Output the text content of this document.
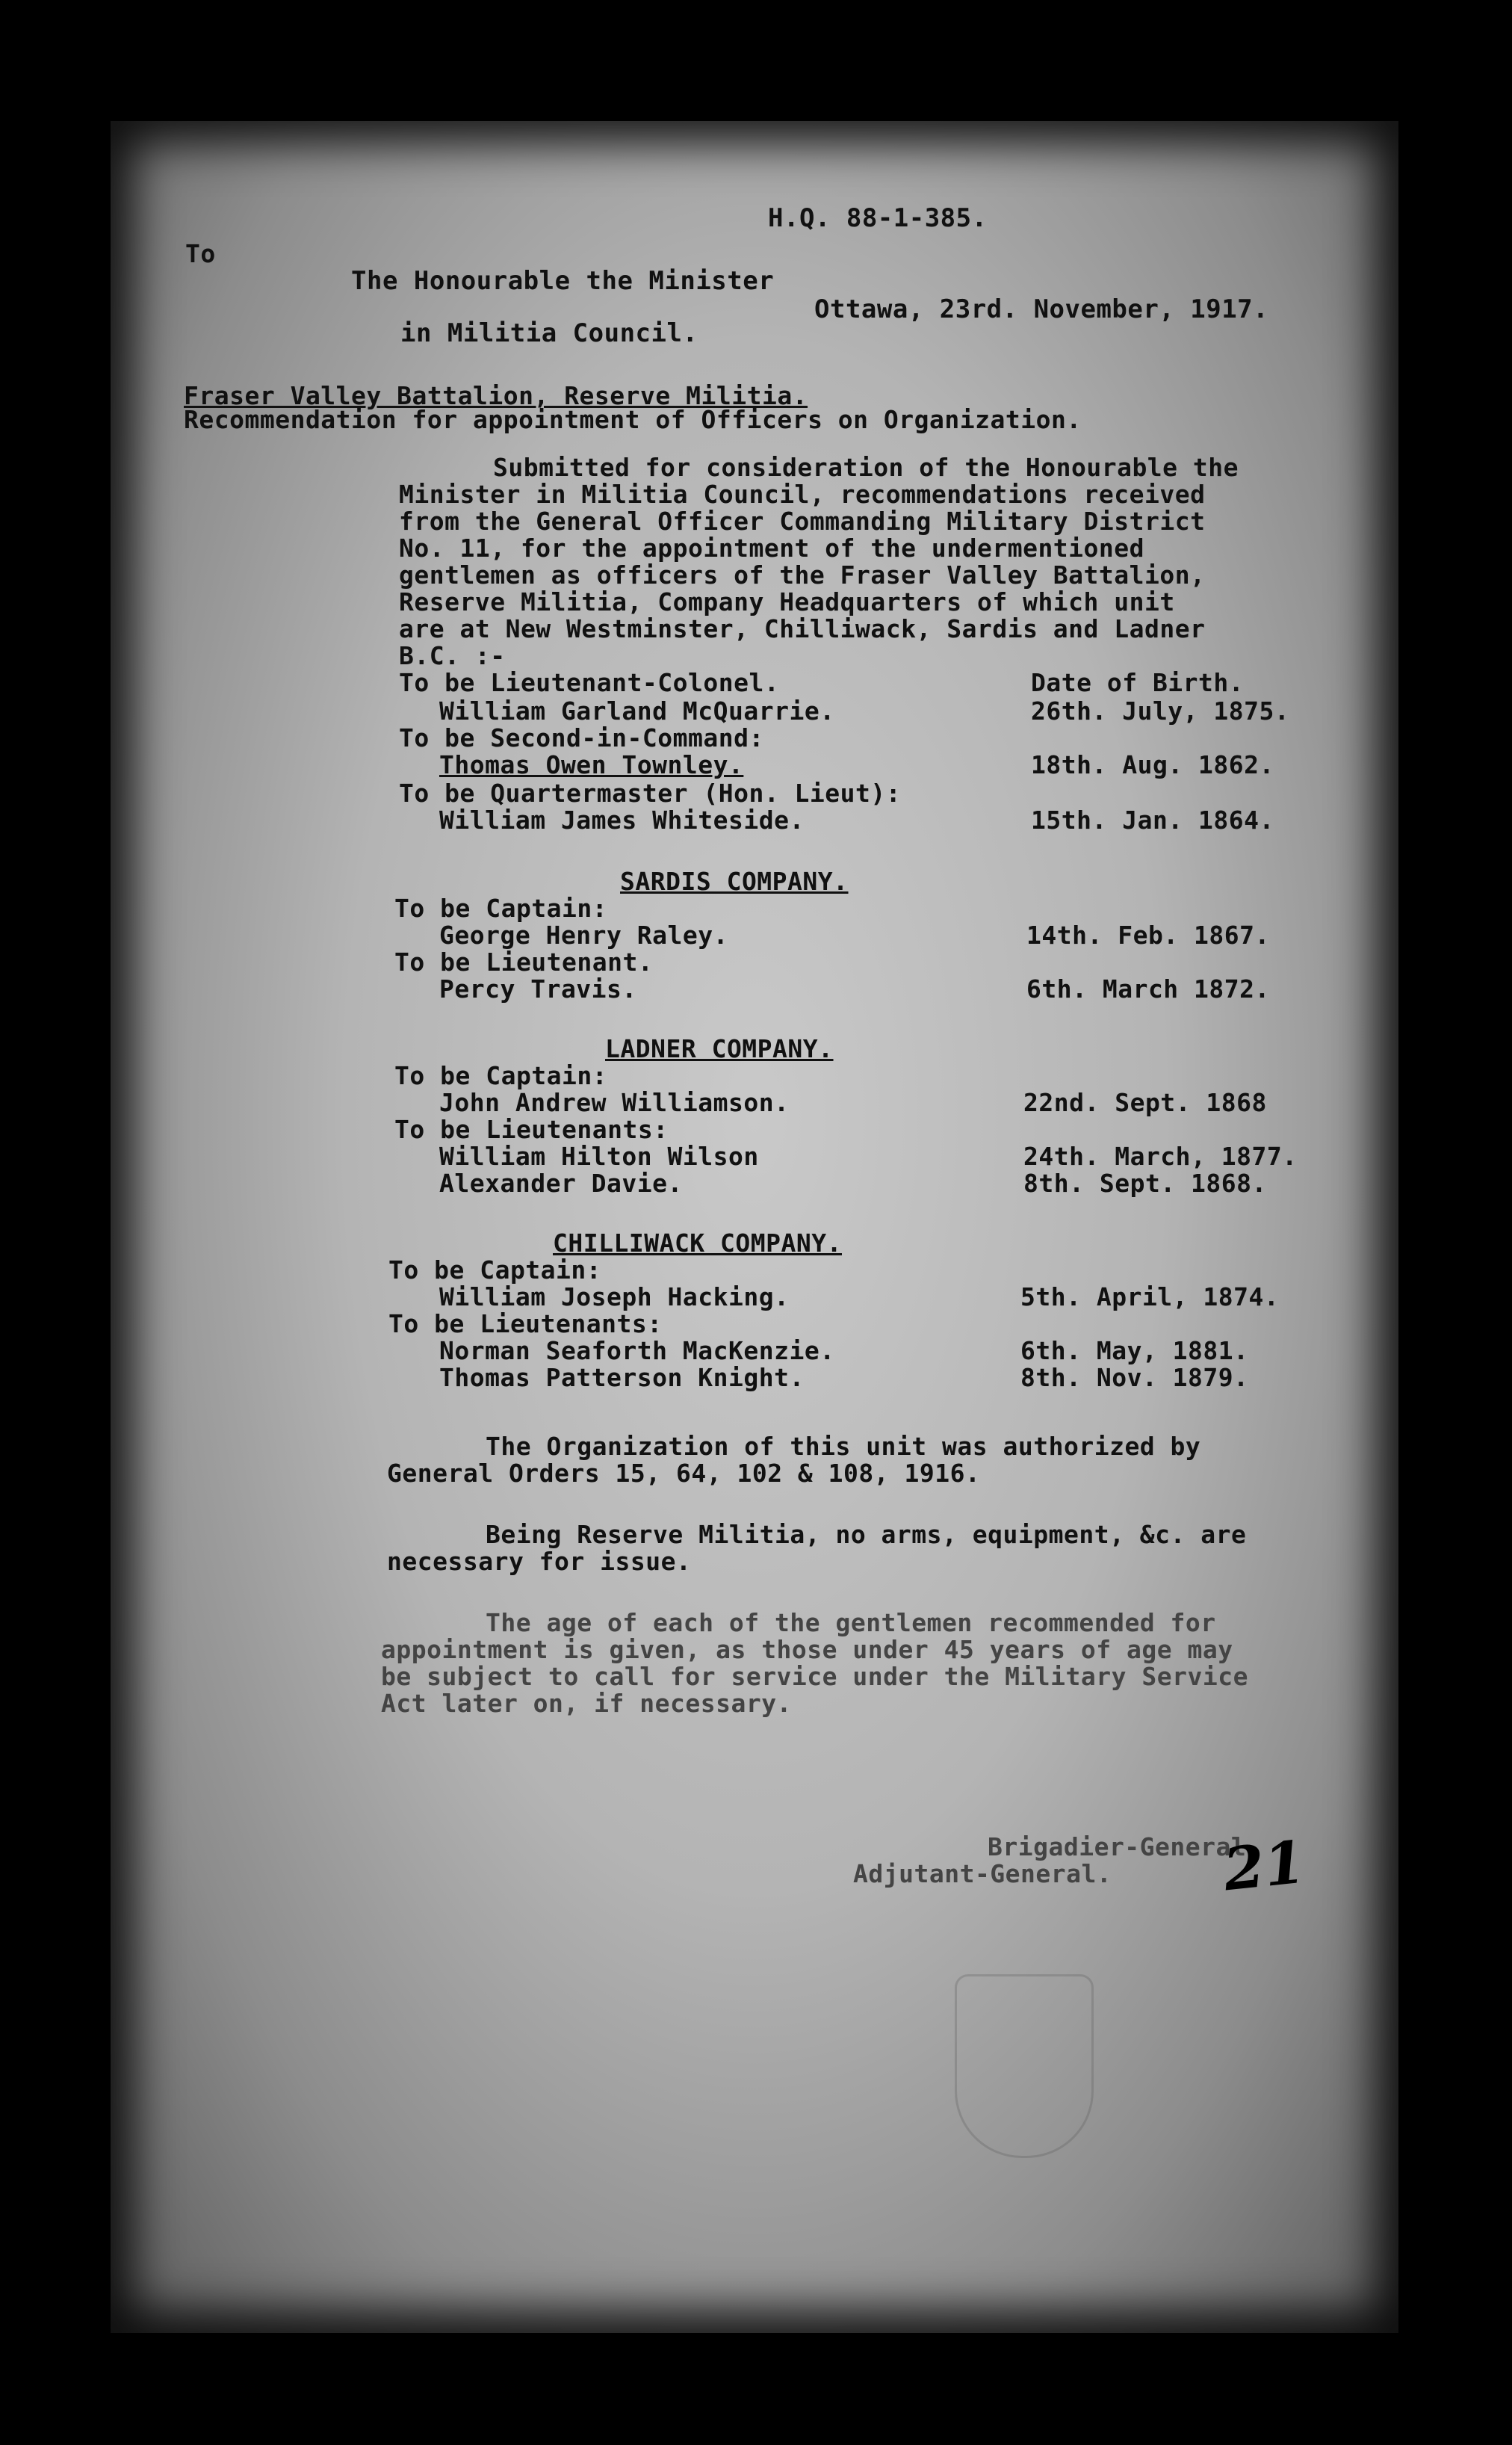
H.Q. 88-1-385.
To
The Honourable the Minister
Ottawa, 23rd. November, 1917.
in Militia Council.
Fraser Valley Battalion, Reserve Militia.
Recommendation for appointment of Officers on Organization.
Submitted for consideration of the Honourable the
Minister in Militia Council, recommendations received
from the General Officer Commanding Military District
No. 11, for the appointment of the undermentioned
gentlemen as officers of the Fraser Valley Battalion,
Reserve Militia, Company Headquarters of which unit
are at New Westminster, Chilliwack, Sardis and Ladner
B.C. :-
Date of Birth.
To be Lieutenant-Colonel.
William Garland McQuarrie.	26th. July, 1875.
To be Second-in-Command:
Thomas Owen Townley.	18th. Aug. 1862.
To be Quartermaster (Hon. Lieut):
William James Whiteside.	15th. Jan. 1864.
SARDIS COMPANY.
To be Captain:
George Henry Raley.	14th. Feb. 1867.
To be Lieutenant.
Percy Travis.	6th. March 1872.
LADNER COMPANY.
To be Captain:
John Andrew Williamson.	22nd. Sept. 1868
To be Lieutenants:
William Hilton Wilson	24th. March, 1877.
Alexander Davie.	8th. Sept. 1868.
CHILLIWACK COMPANY.
To be Captain:
William Joseph Hacking.	5th. April, 1874.
To be Lieutenants:
Norman Seaforth MacKenzie.	6th. May, 1881.
Thomas Patterson Knight.	8th. Nov. 1879.
The Organization of this unit was authorized by
General Orders 15, 64, 102 & 108, 1916.
Being Reserve Militia, no arms, equipment, &c. are
necessary for issue.
The age of each of the gentlemen recommended for
appointment is given, as those under 45 years of age may
be subject to call for service under the Military Service
Act later on, if necessary.
Brigadier-General,
Adjutant-General. 21
